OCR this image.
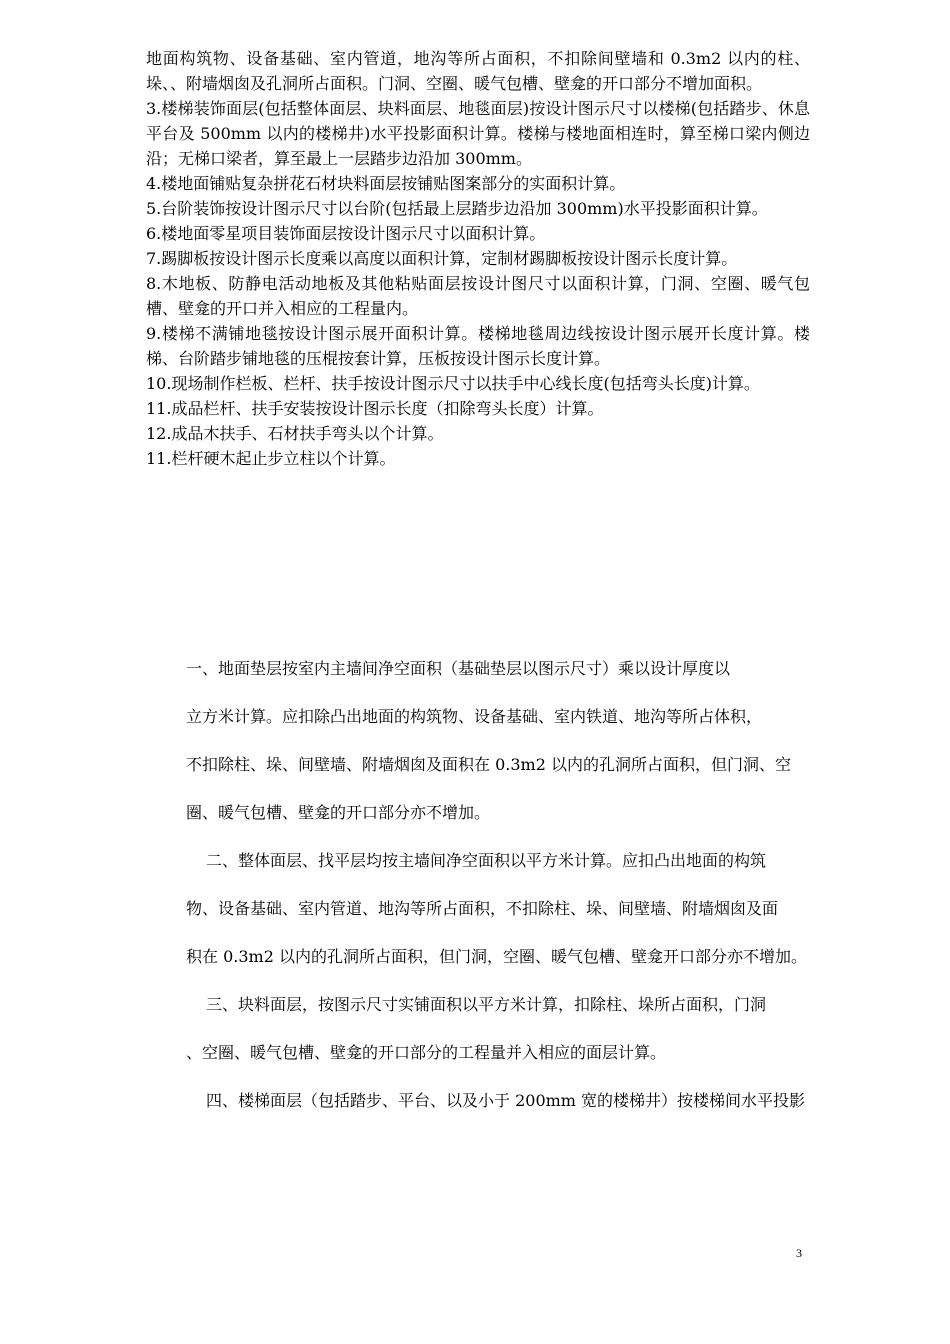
地面构筑物、设备基础、室内管道，地沟等所占面积，不扣除间壁墙和 0.3m2 以内的柱、垛、、附墙烟囱及孔洞所占面积。门洞、空圈、暖气包槽、壁龛的开口部分不增加面积。

3.楼梯装饰面层(包括整体面层、块料面层、地毯面层)按设计图示尺寸以楼梯(包括踏步、休息平台及 500mm 以内的楼梯井)水平投影面积计算。楼梯与楼地面相连时，算至梯口梁内侧边沿；无梯口梁者，算至最上一层踏步边沿加 300mm。

4.楼地面铺贴复杂拼花石材块料面层按铺贴图案部分的实面积计算。

5.台阶装饰按设计图示尺寸以台阶(包括最上层踏步边沿加 300mm)水平投影面积计算。

6.楼地面零星项目装饰面层按设计图示尺寸以面积计算。

7.踢脚板按设计图示长度乘以高度以面积计算，定制材踢脚板按设计图示长度计算。

8.木地板、防静电活动地板及其他粘贴面层按设计图尺寸以面积计算，门洞、空圈、暖气包槽、壁龛的开口并入相应的工程量内。

9.楼梯不满铺地毯按设计图示展开面积计算。楼梯地毯周边线按设计图示展开长度计算。楼梯、台阶踏步铺地毯的压棍按套计算，压板按设计图示长度计算。

10.现场制作栏板、栏杆、扶手按设计图示尺寸以扶手中心线长度(包括弯头长度)计算。

11.成品栏杆、扶手安装按设计图示长度（扣除弯头长度）计算。

12.成品木扶手、石材扶手弯头以个计算。

11.栏杆硬木起止步立柱以个计算。

一、地面垫层按室内主墙间净空面积（基础垫层以图示尺寸）乘以设计厚度以

立方米计算。应扣除凸出地面的构筑物、设备基础、室内铁道、地沟等所占体积，

不扣除柱、垛、间壁墙、附墙烟囱及面积在 0.3m2 以内的孔洞所占面积，但门洞、空

圈、暖气包槽、壁龛的开口部分亦不增加。

二、整体面层、找平层均按主墙间净空面积以平方米计算。应扣凸出地面的构筑

物、设备基础、室内管道、地沟等所占面积，不扣除柱、垛、间壁墙、附墙烟囱及面

积在 0.3m2 以内的孔洞所占面积，但门洞，空圈、暖气包槽、壁龛开口部分亦不增加。

三、块料面层，按图示尺寸实铺面积以平方米计算，扣除柱、垛所占面积，门洞

、空圈、暖气包槽、壁龛的开口部分的工程量并入相应的面层计算。

四、楼梯面层（包括踏步、平台、以及小于 200mm 宽的楼梯井）按楼梯间水平投影

3
